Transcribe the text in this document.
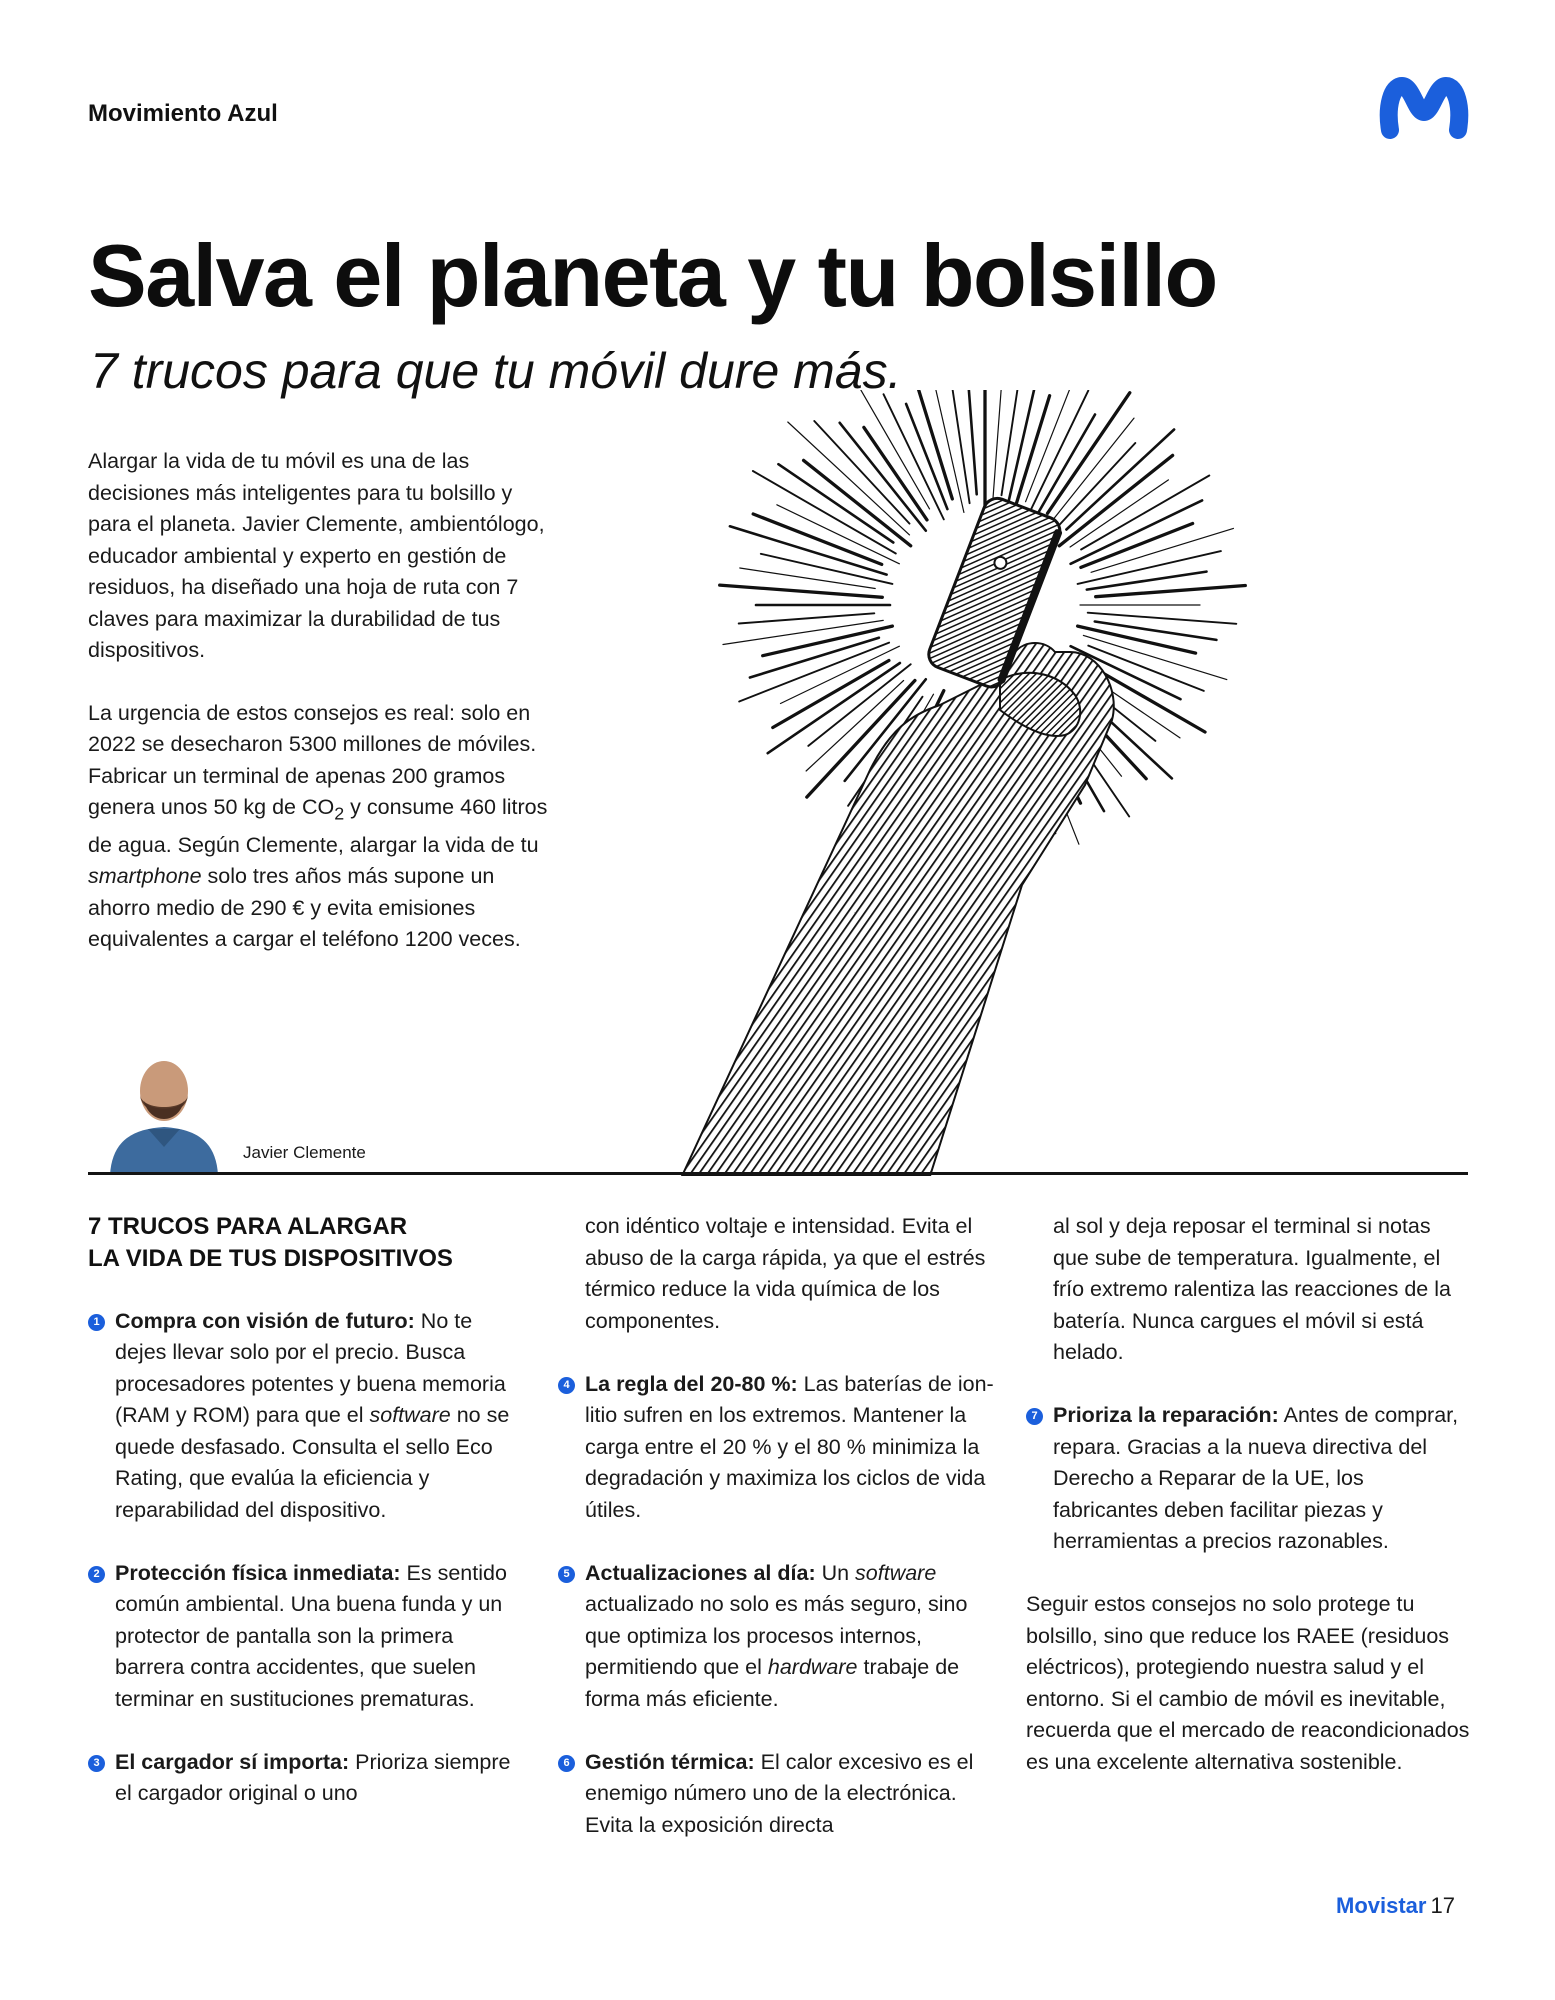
Movimiento Azul
Salva el planeta y tu bolsillo
7 trucos para que tu móvil dure más.

Alargar la vida de tu móvil es una de las decisiones más inteligentes para tu bolsillo y para el planeta. Javier Clemente, ambientólogo, educador ambiental y experto en gestión de residuos, ha diseñado una hoja de ruta con 7 claves para maximizar la durabilidad de tus dispositivos.

La urgencia de estos consejos es real: solo en 2022 se desecharon 5300 millones de móviles. Fabricar un terminal de apenas 200 gramos genera unos 50 kg de $CO_2$ y consume 460 litros de agua. Según Clemente, alargar la vida de tu smartphone solo tres años más supone un ahorro medio de 290 € y evita emisiones equivalentes a cargar el teléfono 1200 veces.

Javier Clemente
7 TRUCOS PARA ALARGAR
LA VIDA DE TUS DISPOSITIVOS

1 Compra con visión de futuro: No te dejes llevar solo por el precio. Busca procesadores potentes y buena memoria (RAM y ROM) para que el software no se quede desfasado. Consulta el sello Eco Rating, que evalúa la eficiencia y reparabilidad del dispositivo.

2 Protección física inmediata: Es sentido común ambiental. Una buena funda y un protector de pantalla son la primera barrera contra accidentes, que suelen terminar en sustituciones prematuras.

3 El cargador sí importa: Prioriza siempre el cargador original o uno

con idéntico voltaje e intensidad. Evita el abuso de la carga rápida, ya que el estrés térmico reduce la vida química de los componentes.

4 La regla del 20-80 %: Las baterías de ion-litio sufren en los extremos. Mantener la carga entre el 20 % y el 80 % minimiza la degradación y maximiza los ciclos de vida útiles.

5 Actualizaciones al día: Un software actualizado no solo es más seguro, sino que optimiza los procesos internos, permitiendo que el hardware trabaje de forma más eficiente.

6 Gestión térmica: El calor excesivo es el enemigo número uno de la electrónica. Evita la exposición directa

al sol y deja reposar el terminal si notas que sube de temperatura. Igualmente, el frío extremo ralentiza las reacciones de la batería. Nunca cargues el móvil si está helado.

7 Prioriza la reparación: Antes de comprar, repara. Gracias a la nueva directiva del Derecho a Reparar de la UE, los fabricantes deben facilitar piezas y herramientas a precios razonables.

Seguir estos consejos no solo protege tu bolsillo, sino que reduce los RAEE (residuos eléctricos), protegiendo nuestra salud y el entorno. Si el cambio de móvil es inevitable, recuerda que el mercado de reacondicionados es una excelente alternativa sostenible.

Movistar 17
